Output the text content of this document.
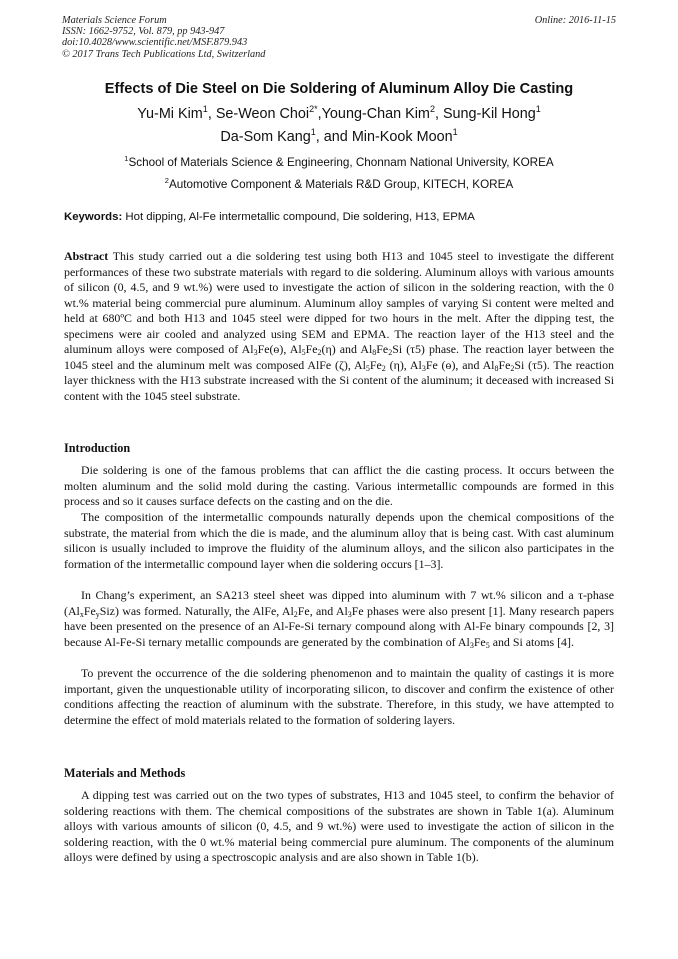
Materials Science Forum
ISSN: 1662-9752, Vol. 879, pp 943-947
doi:10.4028/www.scientific.net/MSF.879.943
© 2017 Trans Tech Publications Ltd, Switzerland
Online: 2016-11-15
Effects of Die Steel on Die Soldering of Aluminum Alloy Die Casting
Yu-Mi Kim$^1$, Se-Weon Choi$^{2*}$,Young-Chan Kim$^2$, Sung-Kil Hong$^1$
Da-Som Kang$^1$, and Min-Kook Moon$^1$
$^1$School of Materials Science & Engineering, Chonnam National University, KOREA
$^2$Automotive Component & Materials R&D Group, KITECH, KOREA
Keywords: Hot dipping, Al-Fe intermetallic compound, Die soldering, H13, EPMA

Abstract This study carried out a die soldering test using both H13 and 1045 steel to investigate the different performances of these two substrate materials with regard to die soldering. Aluminum alloys with various amounts of silicon (0, 4.5, and 9 wt.%) were used to investigate the action of silicon in the soldering reaction, with the 0 wt.% material being commercial pure aluminum. Aluminum alloy samples of varying Si content were melted and held at 680ºC and both H13 and 1045 steel were dipped for two hours in the melt. After the dipping test, the specimens were air cooled and analyzed using SEM and EPMA. The reaction layer of the H13 steel and the aluminum alloys were composed of $Al_3Fe(ɵ)$, $Al_5Fe_2(\eta)$ and $Al_8Fe_2Si$ (τ5) phase. The reaction layer between the 1045 steel and the aluminum melt was composed AlFe (ζ), $Al_5Fe_2$ (η), $Al_3Fe$ (ɵ), and $Al_8Fe_2Si$ (τ5). The reaction layer thickness with the H13 substrate increased with the Si content of the aluminum; it deceased with increased Si content with the 1045 steel substrate.

Introduction

Die soldering is one of the famous problems that can afflict the die casting process. It occurs between the molten aluminum and the solid mold during the casting. Various intermetallic compounds are formed in this process and so it causes surface defects on the casting and on the die.

The composition of the intermetallic compounds naturally depends upon the chemical compositions of the substrate, the material from which the die is made, and the aluminum alloy that is being cast. With cast aluminum silicon is usually included to improve the fluidity of the aluminum alloys, and the silicon also participates in the formation of the intermetallic compound layer when die soldering occurs [1–3].

In Chang’s experiment, an SA213 steel sheet was dipped into aluminum with 7 wt.% silicon and a τ-phase $(Al_xFe_ySiz)$ was formed. Naturally, the AlFe, $Al_2Fe$, and $Al_3Fe$ phases were also present [1]. Many research papers have been presented on the presence of an Al-Fe-Si ternary compound along with Al-Fe binary compounds [2, 3] because Al-Fe-Si ternary metallic compounds are generated by the combination of $Al_3Fe_5$ and Si atoms [4].

To prevent the occurrence of the die soldering phenomenon and to maintain the quality of castings it is more important, given the unquestionable utility of incorporating silicon, to discover and confirm the existence of other conditions affecting the reaction of aluminum with the substrate. Therefore, in this study, we have attempted to determine the effect of mold materials related to the formation of soldering layers.

Materials and Methods

A dipping test was carried out on the two types of substrates, H13 and 1045 steel, to confirm the behavior of soldering reactions with them. The chemical compositions of the substrates are shown in Table 1(a). Aluminum alloys with various amounts of silicon (0, 4.5, and 9 wt.%) were used to investigate the action of silicon in the soldering reaction, with the 0 wt.% material being commercial pure aluminum. The components of the aluminum alloys were defined by using a spectroscopic analysis and are also shown in Table 1(b).
